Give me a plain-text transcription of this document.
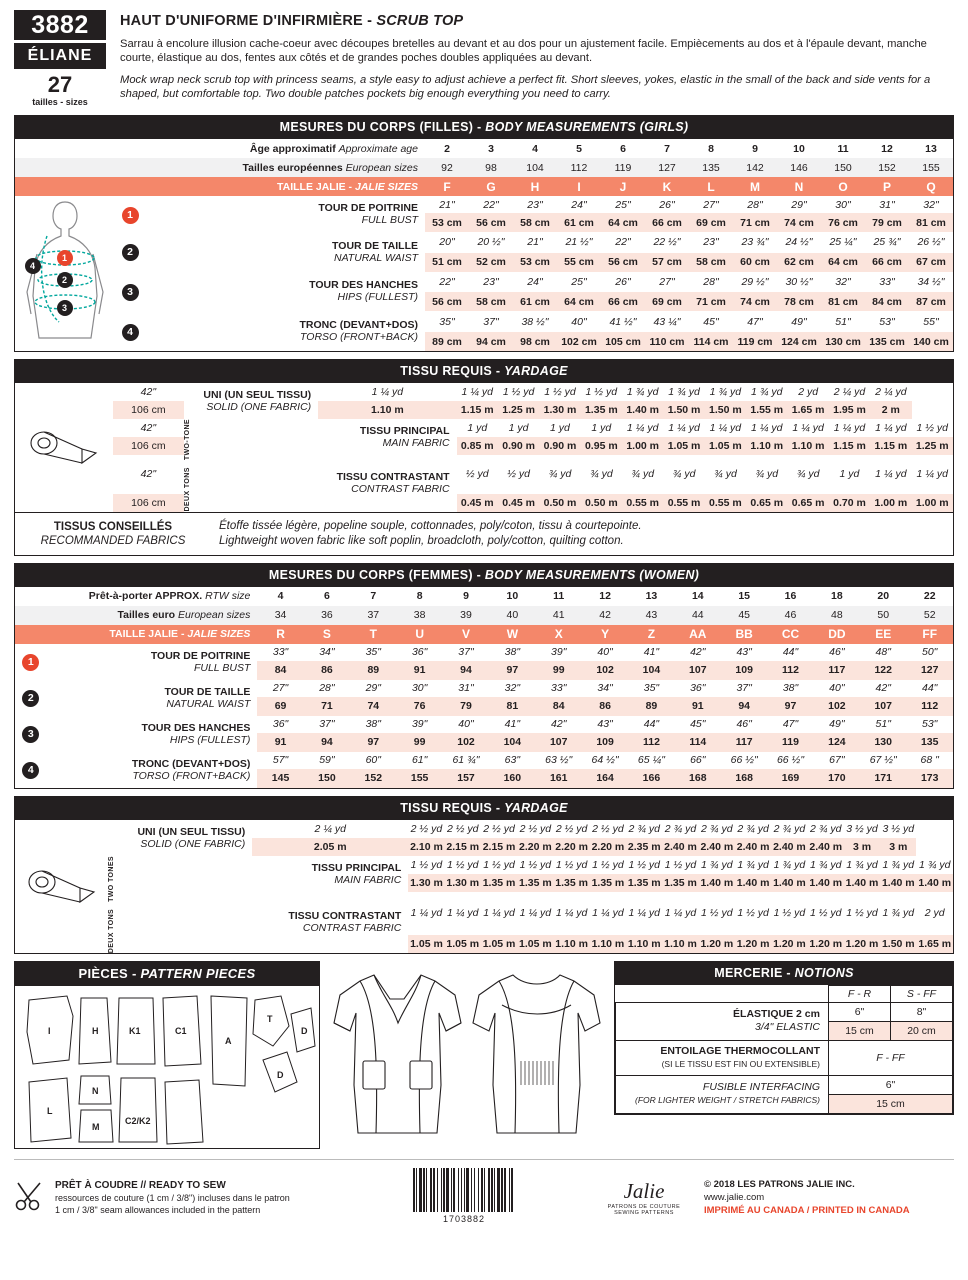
3882
ÉLIANE
27
tailles - sizes
HAUT D'UNIFORME D'INFIRMIÈRE - SCRUB TOP
Sarrau à encolure illusion cache-coeur avec découpes bretelles au devant et au dos pour un ajustement facile. Empiècements au dos et à l'épaule devant, manche courte, élastique au dos, fentes aux côtés et de grandes poches doubles appliquées au devant.
Mock wrap neck scrub top with princess seams, a style easy to adjust achieve a perfect fit. Short sleeves, yokes, elastic in the small of the back and side vents for a shaped, but comfortable top. Two double patches pockets big enough everything you need to carry.
MESURES DU CORPS (FILLES) - BODY MEASUREMENTS (GIRLS)
Âge approximatif Approximate age			2	3	4	5	6	7	8	9	10	11	12	13
Tailles européennes European sizes			92	98	104	112	119	127	135	142	146	150	152	155
TAILLE JALIE - JALIE SIZES			F	G	H	I	J	K	L	M	N	O	P	Q

4
1
2
3
	1	
TOUR DE POITRINE
FULL BUST
	21"	22"	23"	24"	25"	26"	27"	28"	29"	30"	31"	32"
			53 cm	56 cm	58 cm	61 cm	64 cm	66 cm	69 cm	71 cm	74 cm	76 cm	79 cm	81 cm
	2	TOUR DE TAILLE
NATURAL WAIST	20"	20 ½"	21"	21 ½"	22"	22 ½"	23"	23 ¾"	24 ½"	25 ¼"	25 ¾"	26 ½"
			51 cm	52 cm	53 cm	55 cm	56 cm	57 cm	58 cm	60 cm	62 cm	64 cm	66 cm	67 cm
	3	TOUR DES HANCHES
HIPS (FULLEST)	22"	23"	24"	25"	26"	27"	28"	29 ½"	30 ½"	32"	33"	34 ½"
			56 cm	58 cm	61 cm	64 cm	66 cm	69 cm	71 cm	74 cm	78 cm	81 cm	84 cm	87 cm
	4	TRONC (DEVANT+DOS)
TORSO (FRONT+BACK)	35"	37"	38 ½"	40"	41 ½"	43 ¼"	45"	47"	49"	51"	53"	55"
			89 cm	94 cm	98 cm	102 cm	105 cm	110 cm	114 cm	119 cm	124 cm	130 cm	135 cm	140 cm
TISSU REQUIS - YARDAGE
	42"	UNI (UN SEUL TISSU)
SOLID (ONE FABRIC)	1 ¼ yd	1 ¼ yd	1 ½ yd	1 ½ yd	1 ½ yd	1 ¾ yd	1 ¾ yd	1 ¾ yd	1 ¾ yd	2 yd	2 ¼ yd	2 ¼ yd	
	106 cm		1.10 m	1.15 m	1.25 m	1.30 m	1.35 m	1.40 m	1.50 m	1.50 m	1.55 m	1.65 m	1.95 m	2 m	
	42"	DEUX TONS   TWO-TONE	TISSU PRINCIPAL
MAIN FABRIC	1 yd	1 yd	1 yd	1 yd	1 ¼ yd	1 ¼ yd	1 ¼ yd	1 ¼ yd	1 ¼ yd	1 ¼ yd	1 ¼ yd	1 ½ yd
	106 cm			0.85 m	0.90 m	0.90 m	0.95 m	1.00 m	1.05 m	1.05 m	1.10 m	1.10 m	1.15 m	1.15 m	1.25 m
	42"		TISSU CONTRASTANT
CONTRAST FABRIC	½ yd	½ yd	¾ yd	¾ yd	¾ yd	¾ yd	¾ yd	¾ yd	¾ yd	1 yd	1 ¼ yd	1 ¼ yd
	106 cm			0.45 m	0.45 m	0.50 m	0.50 m	0.55 m	0.55 m	0.55 m	0.65 m	0.65 m	0.70 m	1.00 m	1.00 m
TISSUS CONSEILLÉS
RECOMMANDED FABRICS
Étoffe tissée légère, popeline souple, cottonnades, poly/coton, tissu à courtepointe.
Lightweight woven fabric like soft poplin, broadcloth, poly/cotton, quilting cotton.
MESURES DU CORPS (FEMMES) - BODY MEASUREMENTS (WOMEN)
Prêt-à-porter APPROX. RTW size		4	6	7	8	9	10	11	12	13	14	15	16	18	20	22
Tailles euro European sizes		34	36	37	38	39	40	41	42	43	44	45	46	48	50	52
TAILLE JALIE - JALIE SIZES		R	S	T	U	V	W	X	Y	Z	AA	BB	CC	DD	EE	FF
1	TOUR DE POITRINE
FULL BUST	33"	34"	35"	36"	37"	38"	39"	40"	41"	42"	43"	44"	46"	48"	50"
		84	86	89	91	94	97	99	102	104	107	109	112	117	122	127
2	TOUR DE TAILLE
NATURAL WAIST	27"	28"	29"	30"	31"	32"	33"	34"	35"	36"	37"	38"	40"	42"	44"
		69	71	74	76	79	81	84	86	89	91	94	97	102	107	112
3	TOUR DES HANCHES
HIPS (FULLEST)	36"	37"	38"	39"	40"	41"	42"	43"	44"	45"	46"	47"	49"	51"	53"
		91	94	97	99	102	104	107	109	112	114	117	119	124	130	135
4	TRONC (DEVANT+DOS)
TORSO (FRONT+BACK)	57"	59"	60"	61"	61 ¾"	63"	63 ½"	64 ½"	65 ¼"	66"	66 ½"	66 ½"	67"	67 ½"	68 "
		145	150	152	155	157	160	161	164	166	168	168	169	170	171	173
TISSU REQUIS - YARDAGE

UNI (UN SEUL TISSU)
SOLID (ONE FABRIC)	2 ¼ yd	2 ½ yd	2 ½ yd	2 ½ yd	2 ½ yd	2 ½ yd	2 ½ yd	2 ¾ yd	2 ¾ yd	2 ¾ yd	2 ¾ yd	2 ¾ yd	2 ¾ yd	3 ½ yd	3 ½ yd	
		2.05 m	2.10 m	2.15 m	2.15 m	2.20 m	2.20 m	2.20 m	2.35 m	2.40 m	2.40 m	2.40 m	2.40 m	2.40 m	3 m	3 m	

	DEUX TONS   TWO TONES	TISSU PRINCIPAL
MAIN FABRIC	1 ½ yd	1 ½ yd	1 ½ yd	1 ½ yd	1 ½ yd	1 ½ yd	1 ½ yd	1 ½ yd	1 ¾ yd	1 ¾ yd	1 ¾ yd	1 ¾ yd	1 ¾ yd	1 ¾ yd	1 ¾ yd
			1.30 m	1.30 m	1.35 m	1.35 m	1.35 m	1.35 m	1.35 m	1.35 m	1.40 m	1.40 m	1.40 m	1.40 m	1.40 m	1.40 m	1.40 m

		TISSU CONTRASTANT
CONTRAST FABRIC	1 ¼ yd	1 ¼ yd	1 ¼ yd	1 ¼ yd	1 ¼ yd	1 ¼ yd	1 ¼ yd	1 ¼ yd	1 ½ yd	1 ½ yd	1 ½ yd	1 ½ yd	1 ½ yd	1 ¾ yd	2 yd
			1.05 m	1.05 m	1.05 m	1.05 m	1.10 m	1.10 m	1.10 m	1.10 m	1.20 m	1.20 m	1.20 m	1.20 m	1.20 m	1.50 m	1.65 m
PIÈCES - PATTERN PIECES
I	H	K1	C1
A
T
D
D
L
N
M
C2/K2
MERCERIE - NOTIONS
	F - R	S - FF
ÉLASTIQUE 2 cm
3/4" ELASTIC	6"	8"
	15 cm	20 cm
ENTOILAGE THERMOCOLLANT
(SI LE TISSU EST FIN OU EXTENSIBLE)	F - FF	
FUSIBLE INTERFACING
(FOR LIGHTER WEIGHT / STRETCH FABRICS)	6"	
	15 cm	
PRÊT À COUDRE // READY TO SEW
ressources de couture (1 cm / 3/8") incluses dans le patron
1 cm / 3/8" seam allowances included in the pattern
1703882
Jalie
PATRONS DE COUTURE
SEWING PATTERNS
© 2018 LES PATRONS JALIE INC.
www.jalie.com
IMPRIMÉ AU CANADA / PRINTED IN CANADA
